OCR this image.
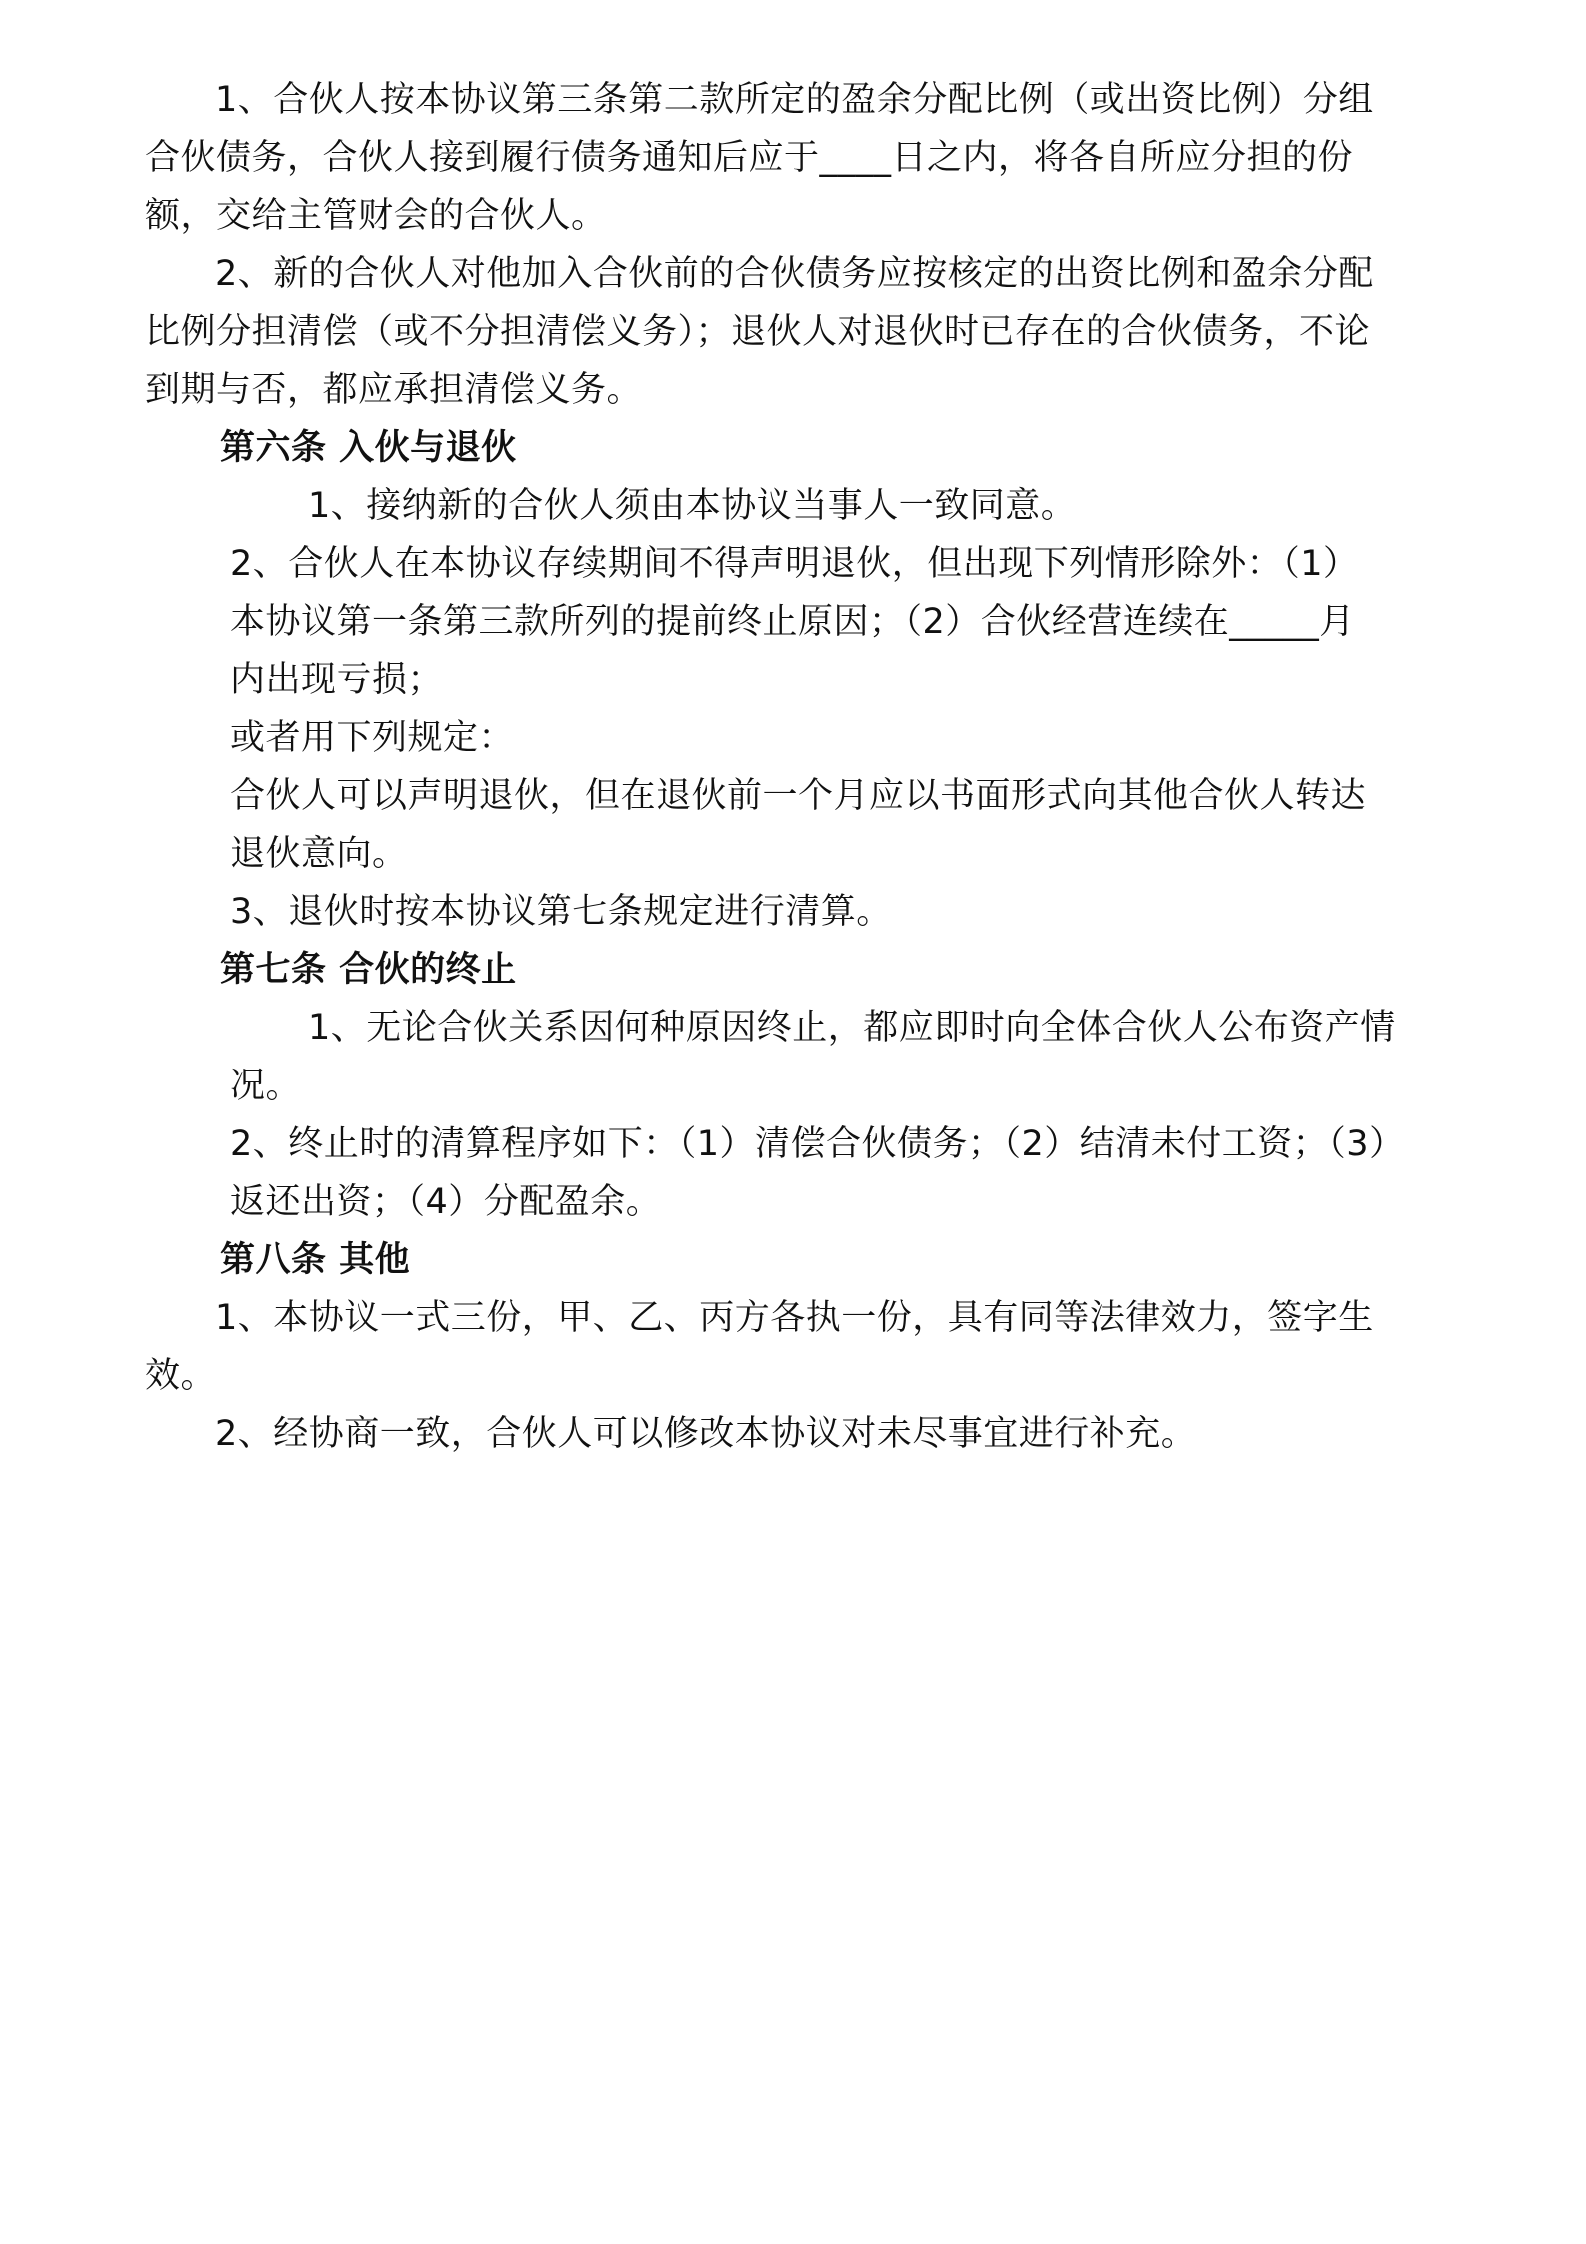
1、合伙人按本协议第三条第二款所定的盈余分配比例（或出资比例）分组
合伙债务，合伙人接到履行债务通知后应于____日之内，将各自所应分担的份
额，交给主管财会的合伙人。
2、新的合伙人对他加入合伙前的合伙债务应按核定的出资比例和盈余分配
比例分担清偿（或不分担清偿义务）；退伙人对退伙时已存在的合伙债务，不论
到期与否，都应承担清偿义务。
第六条 入伙与退伙
1、接纳新的合伙人须由本协议当事人一致同意。
2、合伙人在本协议存续期间不得声明退伙，但出现下列情形除外：（1）
本协议第一条第三款所列的提前终止原因；（2）合伙经营连续在_____月
内出现亏损；
或者用下列规定：
合伙人可以声明退伙，但在退伙前一个月应以书面形式向其他合伙人转达
退伙意向。
3、退伙时按本协议第七条规定进行清算。
第七条 合伙的终止
1、无论合伙关系因何种原因终止，都应即时向全体合伙人公布资产情
况。
2、终止时的清算程序如下：（1）清偿合伙债务；（2）结清未付工资；（3）
返还出资；（4）分配盈余。
第八条 其他
1、本协议一式三份，甲、乙、丙方各执一份，具有同等法律效力，签字生
效。
2、经协商一致，合伙人可以修改本协议对未尽事宜进行补充。
